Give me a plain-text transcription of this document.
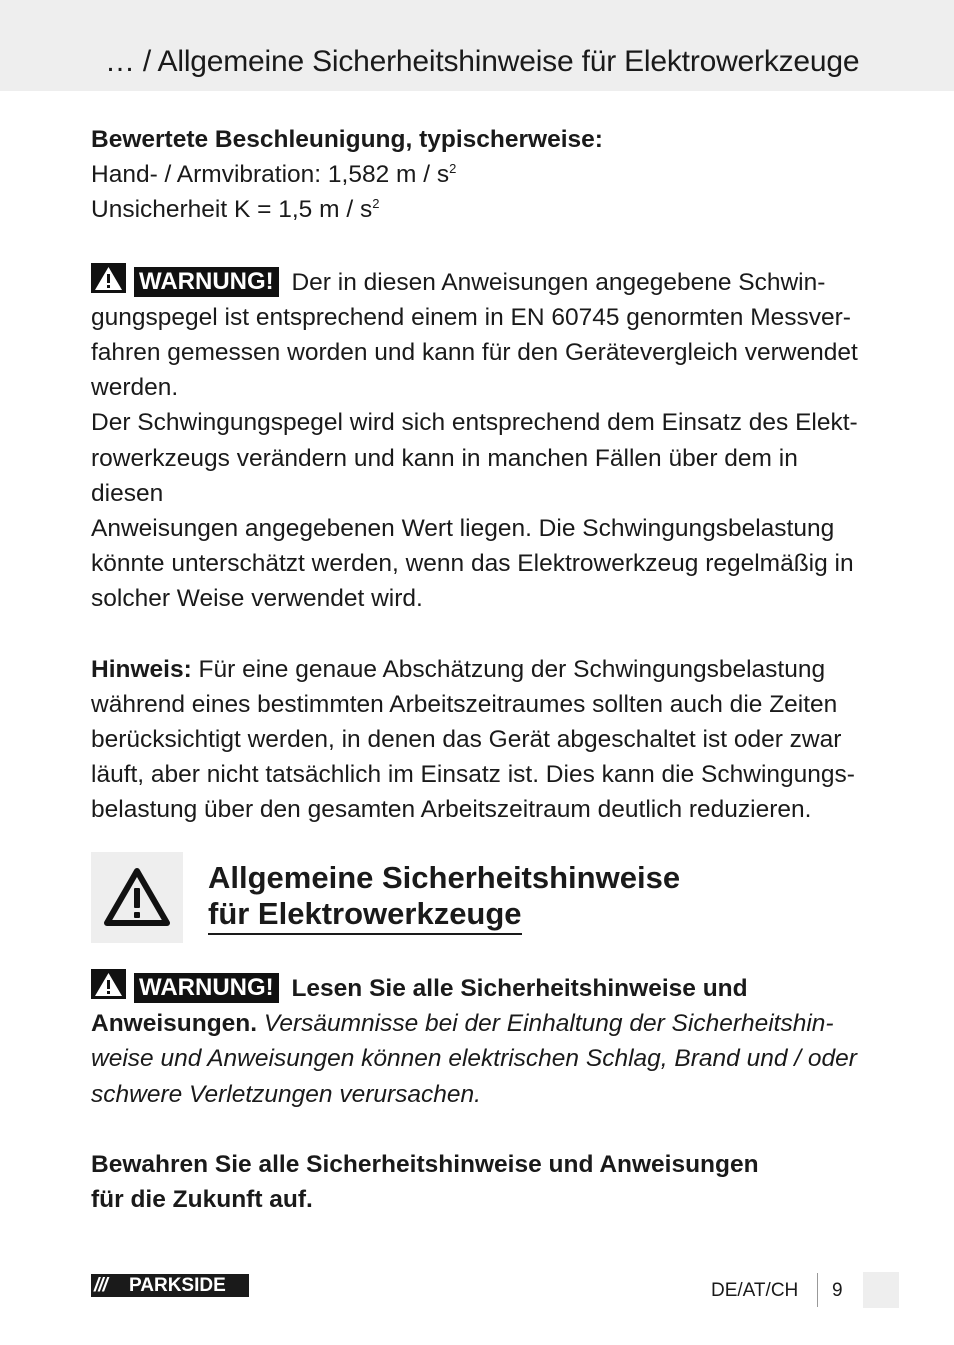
… / Allgemeine Sicherheitshinweise für Elektrowerkzeuge

Bewertete Beschleunigung, typischerweise:

Hand- / Armvibration: 1,582 m / $s^2$

Unsicherheit K = 1,5 m / $s^2$

WARNUNG! Der in diesen Anweisungen angegebene Schwin-

gungspegel ist entsprechend einem in EN 60745 genormten Messver-

fahren gemessen worden und kann für den Gerätevergleich verwendet

werden.

Der Schwingungspegel wird sich entsprechend dem Einsatz des Elekt-

rowerkzeugs verändern und kann in manchen Fällen über dem in diesen

Anweisungen angegebenen Wert liegen. Die Schwingungsbelastung

könnte unterschätzt werden, wenn das Elektrowerkzeug regelmäßig in

solcher Weise verwendet wird.

Hinweis: Für eine genaue Abschätzung der Schwingungsbelastung

während eines bestimmten Arbeitszeitraumes sollten auch die Zeiten

berücksichtigt werden, in denen das Gerät abgeschaltet ist oder zwar

läuft, aber nicht tatsächlich im Einsatz ist. Dies kann die Schwingungs-

belastung über den gesamten Arbeitszeitraum deutlich reduzieren.

Allgemeine Sicherheitshinweise
für Elektrowerkzeuge

WARNUNG! Lesen Sie alle Sicherheitshinweise und

Anweisungen. Versäumnisse bei der Einhaltung der Sicherheitshin-

weise und Anweisungen können elektrischen Schlag, Brand und / oder

schwere Verletzungen verursachen.

Bewahren Sie alle Sicherheitshinweise und Anweisungen

für die Zukunft auf.

/// PARKSIDE	DE/AT/CH 9
